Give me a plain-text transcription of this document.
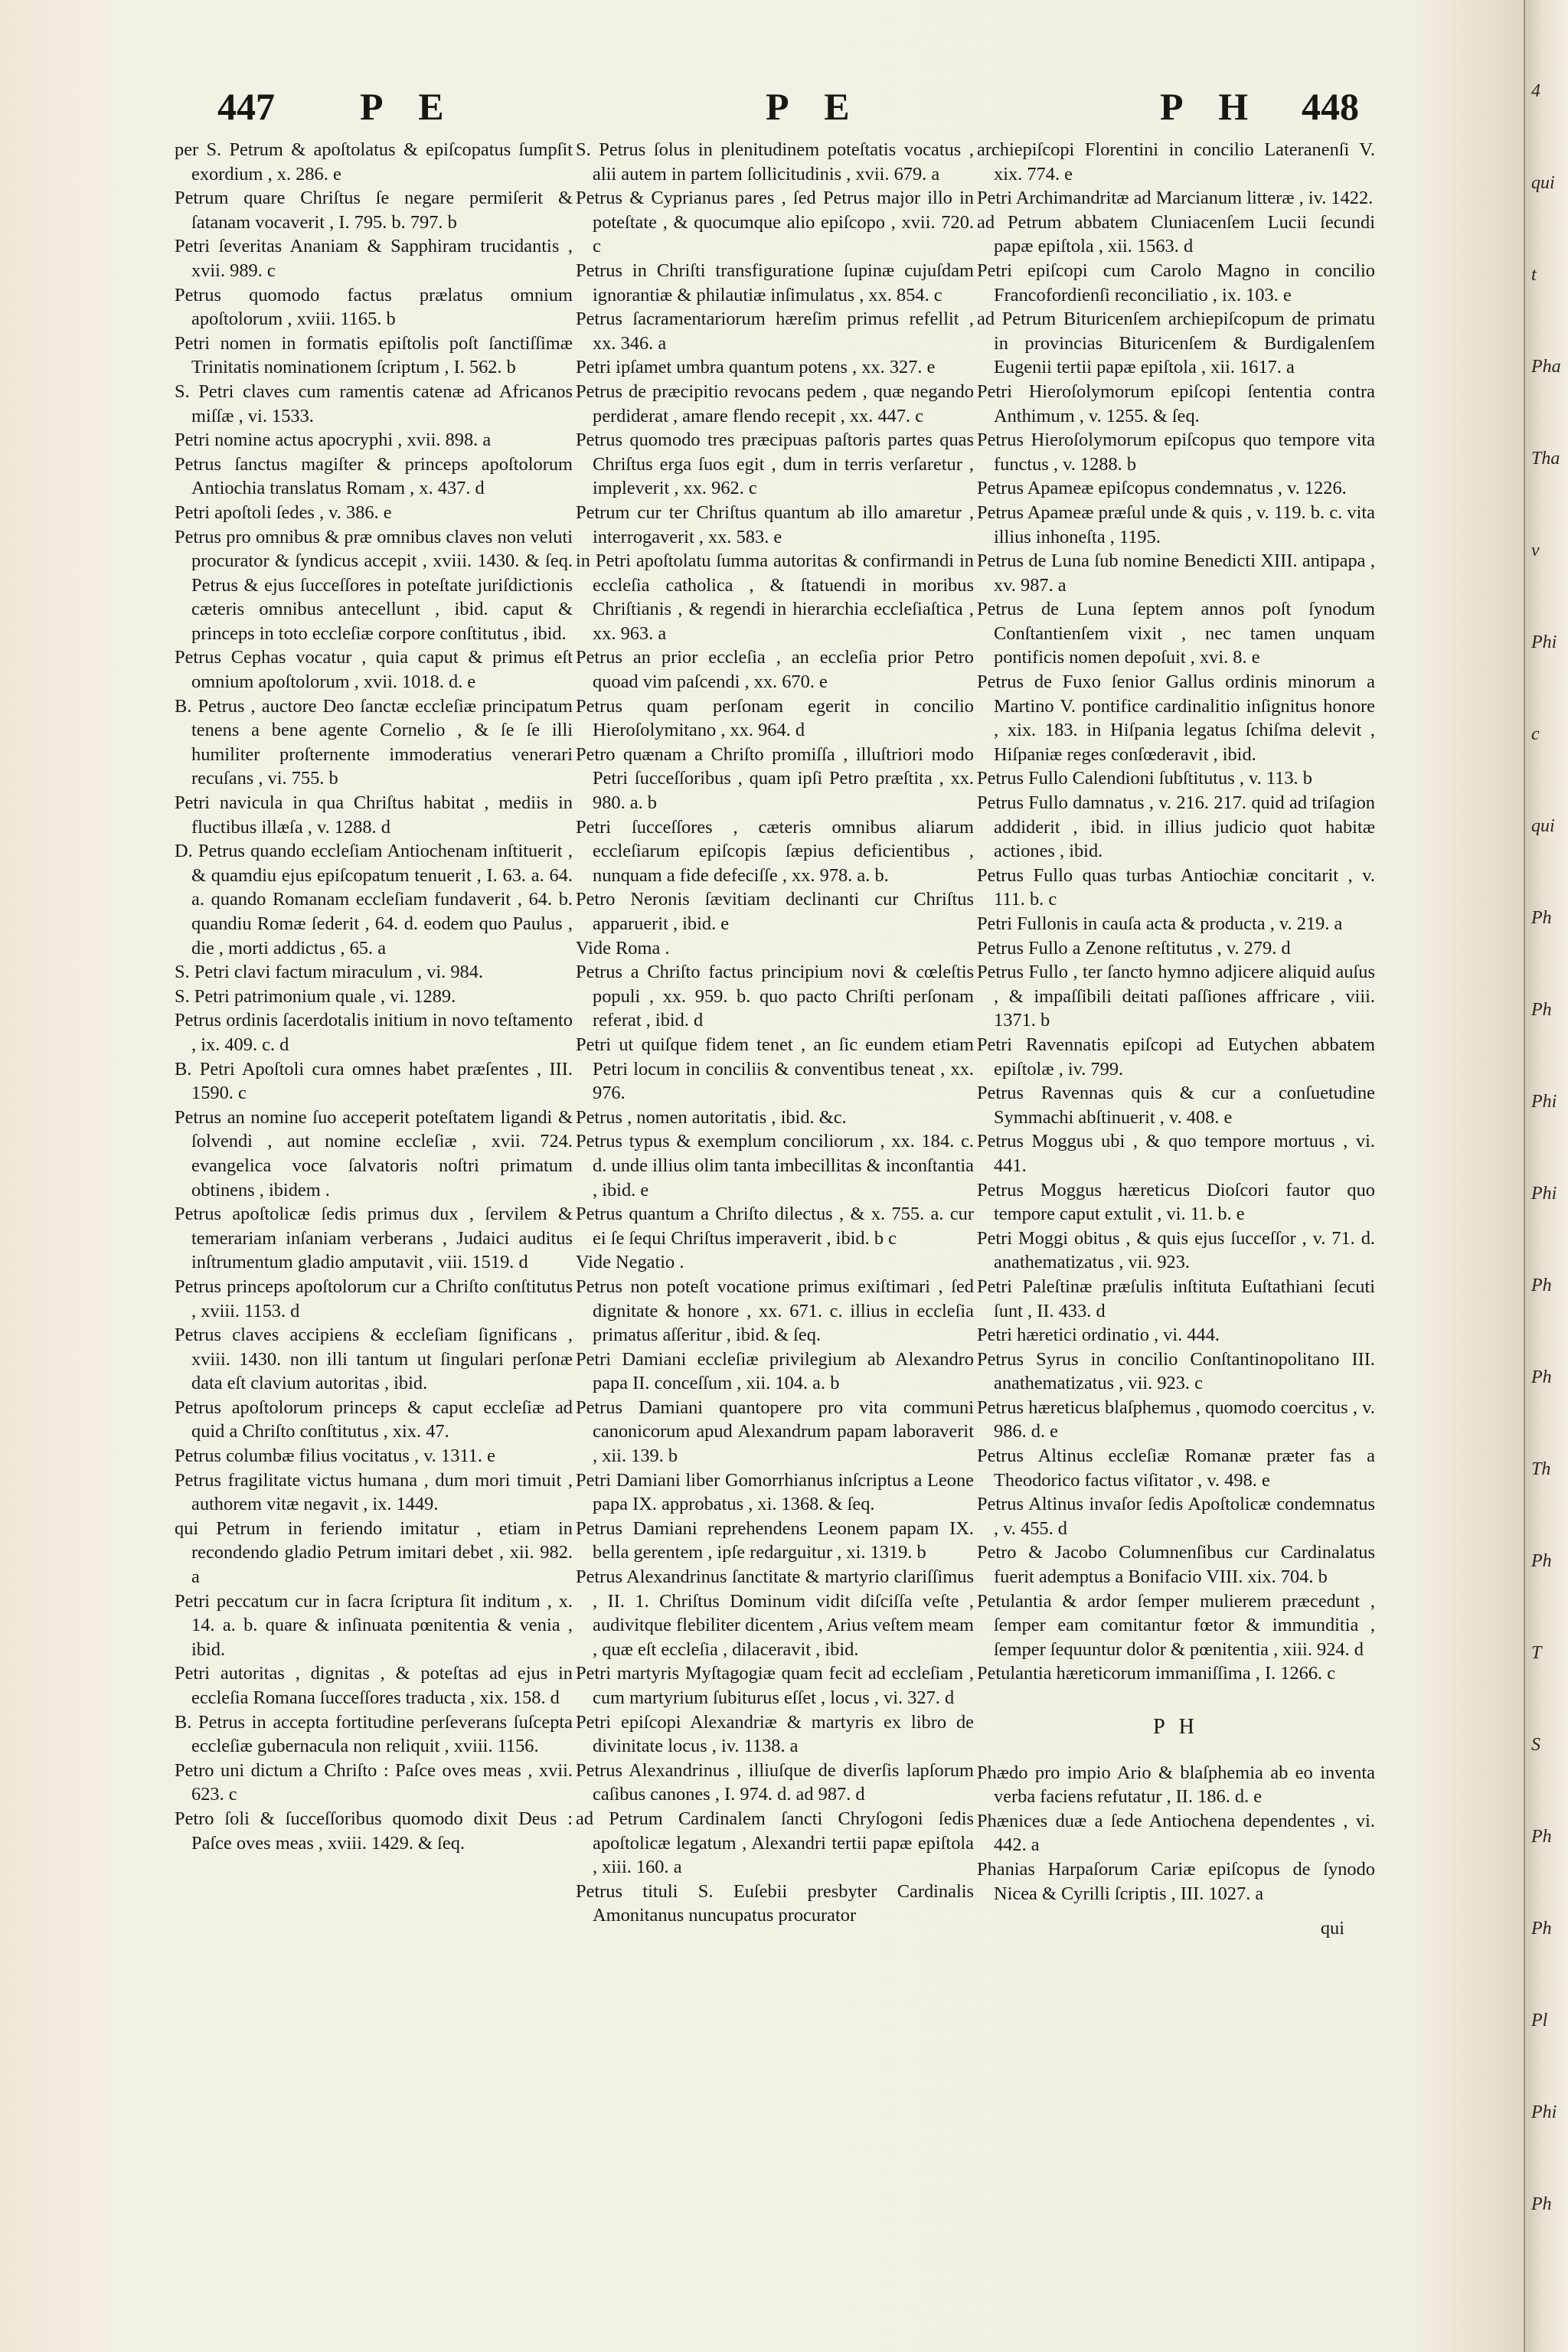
447 P E	P E	P H 448
per S. Petrum & apoſtolatus & epiſcopatus ſumpſit exordium , x. 286. e
Petrum quare Chriſtus ſe negare permiſerit & ſatanam vocaverit , I. 795. b. 797. b
Petri ſeveritas Ananiam & Sapphiram trucidantis , xvii. 989. c
Petrus quomodo factus prælatus omnium apoſtolorum , xviii. 1165. b
Petri nomen in formatis epiſtolis poſt ſanctiſſimæ Trinitatis nominationem ſcriptum , I. 562. b
S. Petri claves cum ramentis catenæ ad Africanos miſſæ , vi. 1533.
Petri nomine actus apocryphi , xvii. 898. a
Petrus ſanctus magiſter & princeps apoſtolorum Antiochia translatus Romam , x. 437. d
Petri apoſtoli ſedes , v. 386. e
Petrus pro omnibus & præ omnibus claves non veluti procurator & ſyndicus accepit , xviii. 1430. & ſeq. Petrus & ejus ſucceſſores in poteſtate juriſdictionis cæteris omnibus antecellunt , ibid. caput & princeps in toto eccleſiæ corpore conſtitutus , ibid.
Petrus Cephas vocatur , quia caput & primus eſt omnium apoſtolorum , xvii. 1018. d. e
B. Petrus , auctore Deo ſanctæ eccleſiæ principatum tenens a bene agente Cornelio , & ſe ſe illi humiliter proſternente immoderatius venerari recuſans , vi. 755. b
Petri navicula in qua Chriſtus habitat , mediis in fluctibus illæſa , v. 1288. d
D. Petrus quando eccleſiam Antiochenam inſtituerit , & quamdiu ejus epiſcopatum tenuerit , I. 63. a. 64. a. quando Romanam eccleſiam fundaverit , 64. b. quandiu Romæ ſederit , 64. d. eodem quo Paulus , die , morti addictus , 65. a
S. Petri clavi factum miraculum , vi. 984.
S. Petri patrimonium quale , vi. 1289.
Petrus ordinis ſacerdotalis initium in novo teſtamento , ix. 409. c. d
B. Petri Apoſtoli cura omnes habet præſentes , III. 1590. c
Petrus an nomine ſuo acceperit poteſtatem ligandi & ſolvendi , aut nomine eccleſiæ , xvii. 724. evangelica voce ſalvatoris noſtri primatum obtinens , ibidem .
Petrus apoſtolicæ ſedis primus dux , ſervilem & temerariam inſaniam verberans , Judaici auditus inſtrumentum gladio amputavit , viii. 1519. d
Petrus princeps apoſtolorum cur a Chriſto conſtitutus , xviii. 1153. d
Petrus claves accipiens & eccleſiam ſignificans , xviii. 1430. non illi tantum ut ſingulari perſonæ data eſt clavium autoritas , ibid.
Petrus apoſtolorum princeps & caput eccleſiæ ad quid a Chriſto conſtitutus , xix. 47.
Petrus columbæ filius vocitatus , v. 1311. e
Petrus fragilitate victus humana , dum mori timuit , authorem vitæ negavit , ix. 1449.
qui Petrum in feriendo imitatur , etiam in recondendo gladio Petrum imitari debet , xii. 982. a
Petri peccatum cur in ſacra ſcriptura ſit inditum , x. 14. a. b. quare & inſinuata pœnitentia & venia , ibid.
Petri autoritas , dignitas , & poteſtas ad ejus in eccleſia Romana ſucceſſores traducta , xix. 158. d
B. Petrus in accepta fortitudine perſeverans ſuſcepta eccleſiæ gubernacula non reliquit , xviii. 1156.
Petro uni dictum a Chriſto : Paſce oves meas , xvii. 623. c
Petro ſoli & ſucceſſoribus quomodo dixit Deus : Paſce oves meas , xviii. 1429. & ſeq.
S. Petrus ſolus in plenitudinem poteſtatis vocatus , alii autem in partem ſollicitudinis , xvii. 679. a
Petrus & Cyprianus pares , ſed Petrus major illo in poteſtate , & quocumque alio epiſcopo , xvii. 720. c
Petrus in Chriſti transfiguratione ſupinæ cujuſdam ignorantiæ & philautiæ inſimulatus , xx. 854. c
Petrus ſacramentariorum hæreſim primus refellit , xx. 346. a
Petri ipſamet umbra quantum potens , xx. 327. e
Petrus de præcipitio revocans pedem , quæ negando perdiderat , amare flendo recepit , xx. 447. c
Petrus quomodo tres præcipuas paſtoris partes quas Chriſtus erga ſuos egit , dum in terris verſaretur , impleverit , xx. 962. c
Petrum cur ter Chriſtus quantum ab illo amaretur , interrogaverit , xx. 583. e
in Petri apoſtolatu ſumma autoritas & confirmandi in eccleſia catholica , & ſtatuendi in moribus Chriſtianis , & regendi in hierarchia eccleſiaſtica , xx. 963. a
Petrus an prior eccleſia , an eccleſia prior Petro quoad vim paſcendi , xx. 670. e
Petrus quam perſonam egerit in concilio Hieroſolymitano , xx. 964. d
Petro quænam a Chriſto promiſſa , illuſtriori modo Petri ſucceſſoribus , quam ipſi Petro præſtita , xx. 980. a. b
Petri ſucceſſores , cæteris omnibus aliarum eccleſiarum epiſcopis ſæpius deficientibus , nunquam a fide defeciſſe , xx. 978. a. b.
Petro Neronis ſævitiam declinanti cur Chriſtus apparuerit , ibid. e
Vide Roma .
Petrus a Chriſto factus principium novi & cœleſtis populi , xx. 959. b. quo pacto Chriſti perſonam referat , ibid. d
Petri ut quiſque fidem tenet , an ſic eundem etiam Petri locum in conciliis & conventibus teneat , xx. 976.
Petrus , nomen autoritatis , ibid. &c.
Petrus typus & exemplum conciliorum , xx. 184. c. d. unde illius olim tanta imbecillitas & inconſtantia , ibid. e
Petrus quantum a Chriſto dilectus , & x. 755. a. cur ei ſe ſequi Chriſtus imperaverit , ibid. b c
Vide Negatio .
Petrus non poteſt vocatione primus exiſtimari , ſed dignitate & honore , xx. 671. c. illius in eccleſia primatus aſſeritur , ibid. & ſeq.
Petri Damiani eccleſiæ privilegium ab Alexandro papa II. conceſſum , xii. 104. a. b
Petrus Damiani quantopere pro vita communi canonicorum apud Alexandrum papam laboraverit , xii. 139. b
Petri Damiani liber Gomorrhianus inſcriptus a Leone papa IX. approbatus , xi. 1368. & ſeq.
Petrus Damiani reprehendens Leonem papam IX. bella gerentem , ipſe redarguitur , xi. 1319. b
Petrus Alexandrinus ſanctitate & martyrio clariſſimus , II. 1. Chriſtus Dominum vidit diſciſſa veſte , audivitque flebiliter dicentem , Arius veſtem meam , quæ eſt eccleſia , dilaceravit , ibid.
Petri martyris Myſtagogiæ quam fecit ad eccleſiam , cum martyrium ſubiturus eſſet , locus , vi. 327. d
Petri epiſcopi Alexandriæ & martyris ex libro de divinitate locus , iv. 1138. a
Petrus Alexandrinus , illiuſque de diverſis lapſorum caſibus canones , I. 974. d. ad 987. d
ad Petrum Cardinalem ſancti Chryſogoni ſedis apoſtolicæ legatum , Alexandri tertii papæ epiſtola , xiii. 160. a
Petrus tituli S. Euſebii presbyter Cardinalis Amonitanus nuncupatus procurator
archiepiſcopi Florentini in concilio Lateranenſi V. xix. 774. e
Petri Archimandritæ ad Marcianum litteræ , iv. 1422.
ad Petrum abbatem Cluniacenſem Lucii ſecundi papæ epiſtola , xii. 1563. d
Petri epiſcopi cum Carolo Magno in concilio Francofordienſi reconciliatio , ix. 103. e
ad Petrum Bituricenſem archiepiſcopum de primatu in provincias Bituricenſem & Burdigalenſem Eugenii tertii papæ epiſtola , xii. 1617. a
Petri Hieroſolymorum epiſcopi ſententia contra Anthimum , v. 1255. & ſeq.
Petrus Hieroſolymorum epiſcopus quo tempore vita functus , v. 1288. b
Petrus Apameæ epiſcopus condemnatus , v. 1226.
Petrus Apameæ præſul unde & quis , v. 119. b. c. vita illius inhoneſta , 1195.
Petrus de Luna ſub nomine Benedicti XIII. antipapa , xv. 987. a
Petrus de Luna ſeptem annos poſt ſynodum Conſtantienſem vixit , nec tamen unquam pontificis nomen depoſuit , xvi. 8. e
Petrus de Fuxo ſenior Gallus ordinis minorum a Martino V. pontifice cardinalitio inſignitus honore , xix. 183. in Hiſpania legatus ſchiſma delevit , Hiſpaniæ reges conſœderavit , ibid.
Petrus Fullo Calendioni ſubſtitutus , v. 113. b
Petrus Fullo damnatus , v. 216. 217. quid ad triſagion addiderit , ibid. in illius judicio quot habitæ actiones , ibid.
Petrus Fullo quas turbas Antiochiæ concitarit , v. 111. b. c
Petri Fullonis in cauſa acta & producta , v. 219. a
Petrus Fullo a Zenone reſtitutus , v. 279. d
Petrus Fullo , ter ſancto hymno adjicere aliquid auſus , & impaſſibili deitati paſſiones affricare , viii. 1371. b
Petri Ravennatis epiſcopi ad Eutychen abbatem epiſtolæ , iv. 799.
Petrus Ravennas quis & cur a conſuetudine Symmachi abſtinuerit , v. 408. e
Petrus Moggus ubi , & quo tempore mortuus , vi. 441.
Petrus Moggus hæreticus Dioſcori fautor quo tempore caput extulit , vi. 11. b. e
Petri Moggi obitus , & quis ejus ſucceſſor , v. 71. d. anathematizatus , vii. 923.
Petri Paleſtinæ præſulis inſtituta Euſtathiani ſecuti ſunt , II. 433. d
Petri hæretici ordinatio , vi. 444.
Petrus Syrus in concilio Conſtantinopolitano III. anathematizatus , vii. 923. c
Petrus hæreticus blaſphemus , quomodo coercitus , v. 986. d. e
Petrus Altinus eccleſiæ Romanæ præter fas a Theodorico factus viſitator , v. 498. e
Petrus Altinus invaſor ſedis Apoſtolicæ condemnatus , v. 455. d
Petro & Jacobo Columnenſibus cur Cardinalatus fuerit ademptus a Bonifacio VIII. xix. 704. b
Petulantia & ardor ſemper mulierem præcedunt , ſemper eam comitantur fœtor & immunditia , ſemper ſequuntur dolor & pœnitentia , xiii. 924. d
Petulantia hæreticorum immaniſſima , I. 1266. c
P H
Phædo pro impio Ario & blaſphemia ab eo inventa verba faciens refutatur , II. 186. d. e
Phænices duæ a ſede Antiochena dependentes , vi. 442. a
Phanias Harpaſorum Cariæ epiſcopus de ſynodo Nicea & Cyrilli ſcriptis , III. 1027. a
qui
4
qui
t
Pha
Tha
v
Phi
c
qui
Ph
Ph
Phi
Phi
Ph
Ph
Th
Ph
T
S
Ph
Ph
Pl
Phi
Ph
